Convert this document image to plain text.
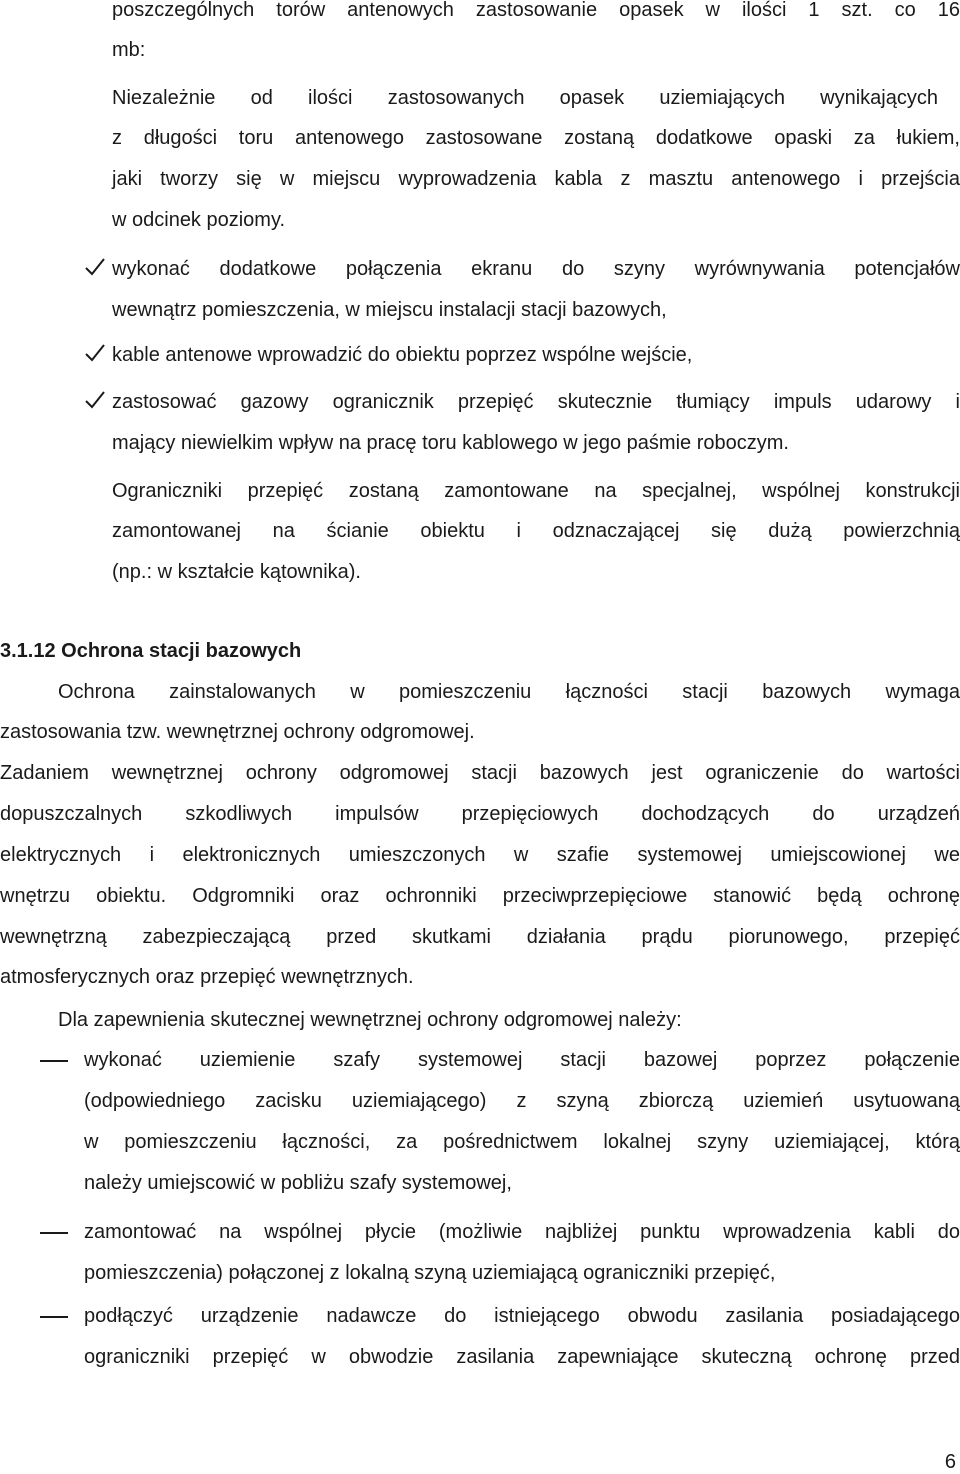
poszczególnych torów antenowych zastosowanie opasek w ilości 1 szt. co 16
mb:
Niezależnie od ilości zastosowanych opasek uziemiających wynikających
z długości toru antenowego zastosowane zostaną dodatkowe opaski za łukiem,
jaki tworzy się w miejscu wyprowadzenia kabla z masztu antenowego i przejścia
w odcinek poziomy.
wykonać dodatkowe połączenia ekranu do szyny wyrównywania potencjałów
wewnątrz pomieszczenia, w miejscu instalacji stacji bazowych,
kable antenowe wprowadzić do obiektu poprzez wspólne wejście,
zastosować gazowy ogranicznik przepięć skutecznie tłumiący impuls udarowy i
mający niewielkim wpływ na pracę toru kablowego w jego paśmie roboczym.
Ograniczniki przepięć zostaną zamontowane na specjalnej, wspólnej konstrukcji
zamontowanej na ścianie obiektu i odznaczającej się dużą powierzchnią
(np.: w kształcie kątownika).
3.1.12 Ochrona stacji bazowych
Ochrona zainstalowanych w pomieszczeniu łączności stacji bazowych wymaga
zastosowania tzw. wewnętrznej ochrony odgromowej.
Zadaniem wewnętrznej ochrony odgromowej stacji bazowych jest ograniczenie do wartości
dopuszczalnych szkodliwych impulsów przepięciowych dochodzących do urządzeń
elektrycznych i elektronicznych umieszczonych w szafie systemowej umiejscowionej we
wnętrzu obiektu. Odgromniki oraz ochronniki przeciwprzepięciowe stanowić będą ochronę
wewnętrzną zabezpieczającą przed skutkami działania prądu piorunowego, przepięć
atmosferycznych oraz przepięć wewnętrznych.
Dla zapewnienia skutecznej wewnętrznej ochrony odgromowej należy:
wykonać uziemienie szafy systemowej stacji bazowej poprzez połączenie
(odpowiedniego zacisku uziemiającego) z szyną zbiorczą uziemień usytuowaną
w pomieszczeniu łączności, za pośrednictwem lokalnej szyny uziemiającej, którą
należy umiejscowić w pobliżu szafy systemowej,
zamontować na wspólnej płycie (możliwie najbliżej punktu wprowadzenia kabli do
pomieszczenia) połączonej z lokalną szyną uziemiającą ograniczniki przepięć,
podłączyć urządzenie nadawcze do istniejącego obwodu zasilania posiadającego
ograniczniki przepięć w obwodzie zasilania zapewniające skuteczną ochronę przed
6
